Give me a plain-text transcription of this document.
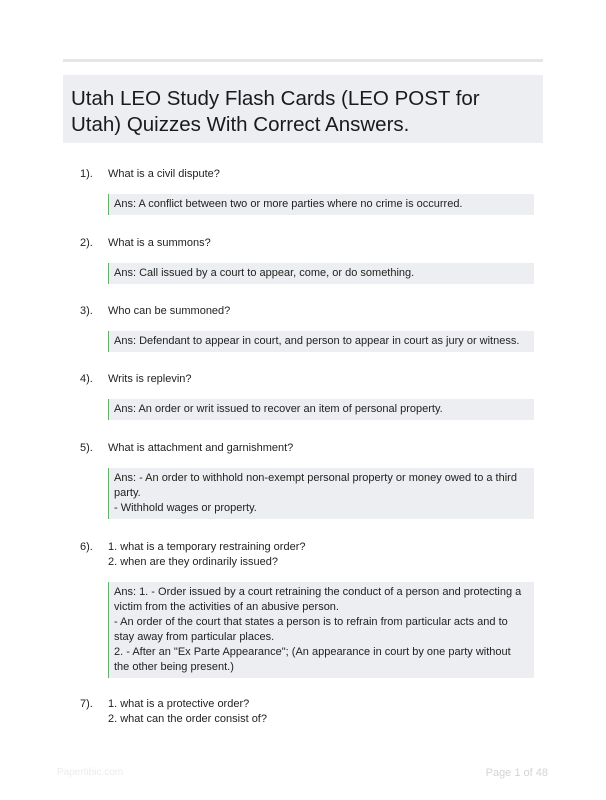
Utah LEO Study Flash Cards (LEO POST for Utah) Quizzes With Correct Answers.
1). What is a civil dispute?
Ans: A conflict between two or more parties where no crime is occurred.
2). What is a summons?
Ans: Call issued by a court to appear, come, or do something.
3). Who can be summoned?
Ans: Defendant to appear in court, and person to appear in court as jury or witness.
4). Writs is replevin?
Ans: An order or writ issued to recover an item of personal property.
5). What is attachment and garnishment?
Ans: - An order to withhold non-exempt personal property or money owed to a third party.
- Withhold wages or property.
6). 1. what is a temporary restraining order?
2. when are they ordinarily issued?
Ans: 1. - Order issued by a court retraining the conduct of a person and protecting a victim from the activities of an abusive person.
- An order of the court that states a person is to refrain from particular acts and to stay away from particular places.
2. - After an "Ex Parte Appearance"; (An appearance in court by one party without the other being present.)
7). 1. what is a protective order?
2. what can the order consist of?
Papertibic.com	Page 1 of 48
